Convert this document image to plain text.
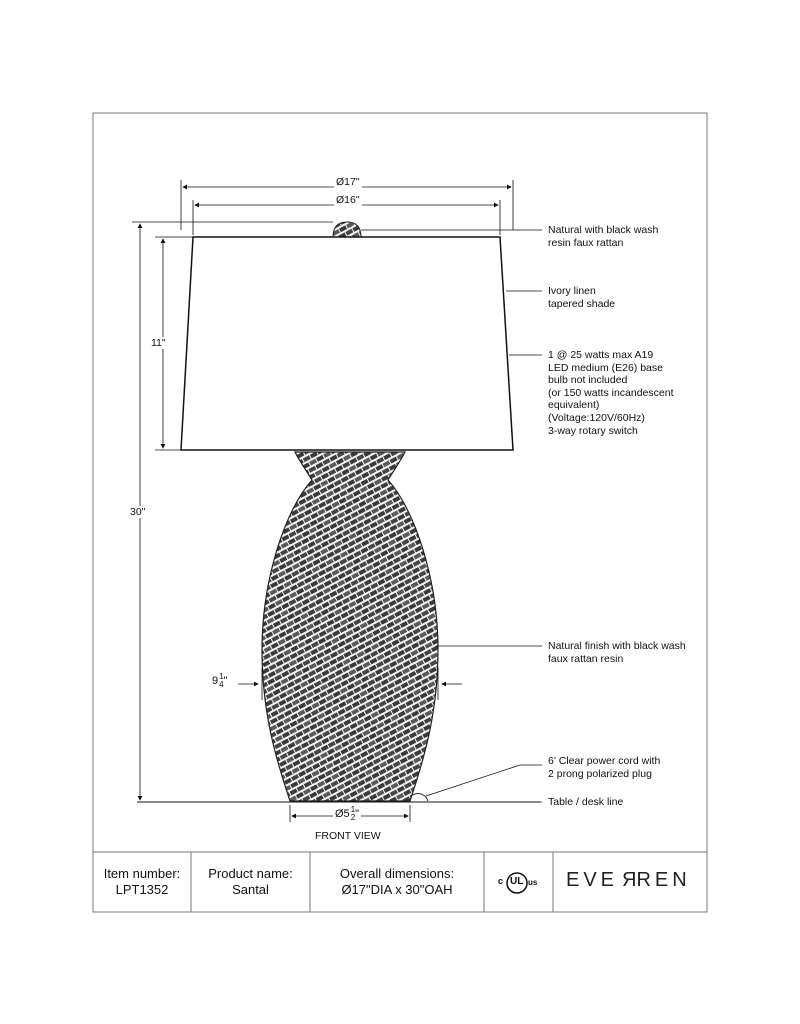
Ø17"
Ø16"
11"
30"
9 1
4 "
Ø5 1
2 "
FRONT VIEW
Natural with black wash
resin faux rattan
Ivory linen
tapered shade
1 @ 25 watts max A19
LED medium (E26) base
bulb not included
(or 150 watts incandescent
equivalent)
(Voltage:120V/60Hz)
3-way rotary switch
Natural finish with black wash
faux rattan resin
6' Clear power cord with
2 prong polarized plug
Table / desk line
Item number:
LPT1352
Product name:
Santal
Overall dimensions:
Ø17"DIA x 30"OAH
c UL us EVERREN
